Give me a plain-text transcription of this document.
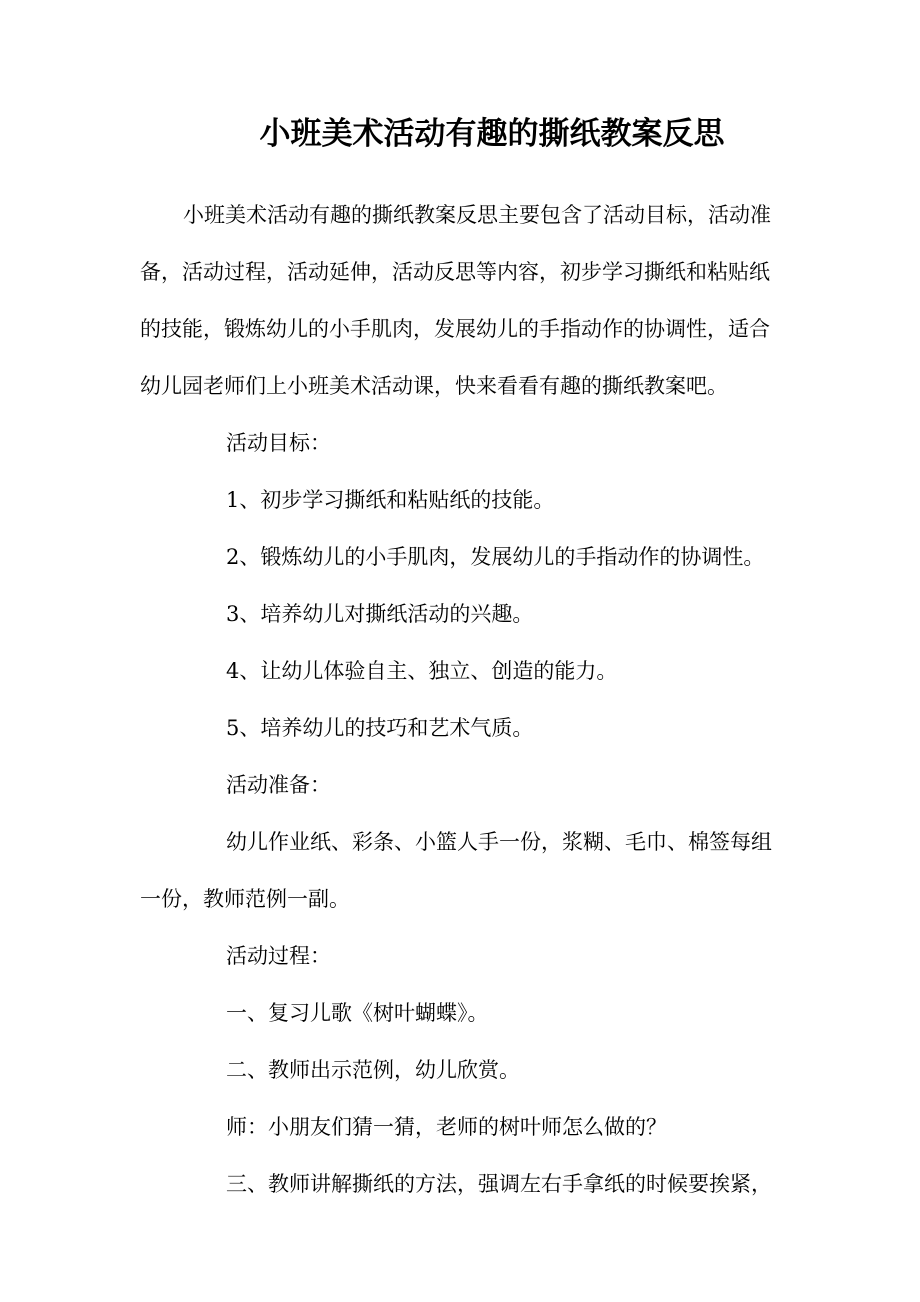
小班美术活动有趣的撕纸教案反思
小班美术活动有趣的撕纸教案反思主要包含了活动目标，活动准
备，活动过程，活动延伸，活动反思等内容，初步学习撕纸和粘贴纸
的技能，锻炼幼儿的小手肌肉，发展幼儿的手指动作的协调性，适合
幼儿园老师们上小班美术活动课，快来看看有趣的撕纸教案吧。
活动目标：
1、初步学习撕纸和粘贴纸的技能。
2、锻炼幼儿的小手肌肉，发展幼儿的手指动作的协调性。
3、培养幼儿对撕纸活动的兴趣。
4、让幼儿体验自主、独立、创造的能力。
5、培养幼儿的技巧和艺术气质。
活动准备：
幼儿作业纸、彩条、小篮人手一份，浆糊、毛巾、棉签每组
一份，教师范例一副。
活动过程：
一、复习儿歌《树叶蝴蝶》。
二、教师出示范例，幼儿欣赏。
师：小朋友们猜一猜，老师的树叶师怎么做的？
三、教师讲解撕纸的方法，强调左右手拿纸的时候要挨紧，
